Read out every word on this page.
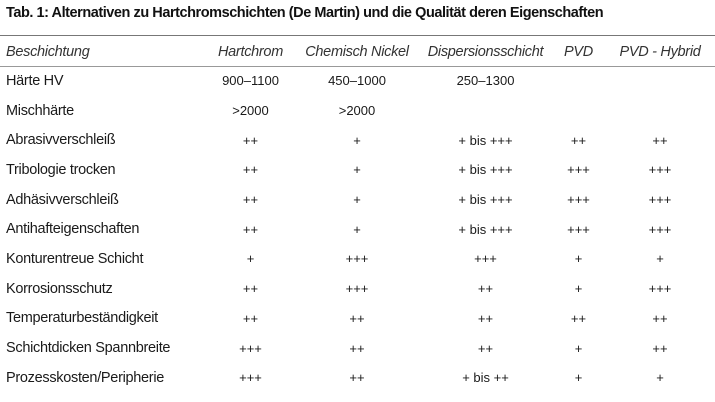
Tab. 1: Alternativen zu Hartchromschichten (De Martin) und die Qualität deren Eigenschaften
Beschichtung	Hartchrom	Chemisch Nickel	Dispersionsschicht	PVD	PVD - Hybrid
Härte HV	900–1100	450–1000	250–1300		
Mischhärte	>2000	>2000			
Abrasivverschleiß	++	+	+ bis +++	++	++
Tribologie trocken	++	+	+ bis +++	+++	+++
Adhäsivverschleiß	++	+	+ bis +++	+++	+++
Antihafteigenschaften	++	+	+ bis +++	+++	+++
Konturentreue Schicht	+	+++	+++	+	+
Korrosionsschutz	++	+++	++	+	+++
Temperaturbeständigkeit	++	++	++	++	++
Schichtdicken Spannbreite	+++	++	++	+	++
Prozesskosten/Peripherie	+++	++	+ bis ++	+	+
